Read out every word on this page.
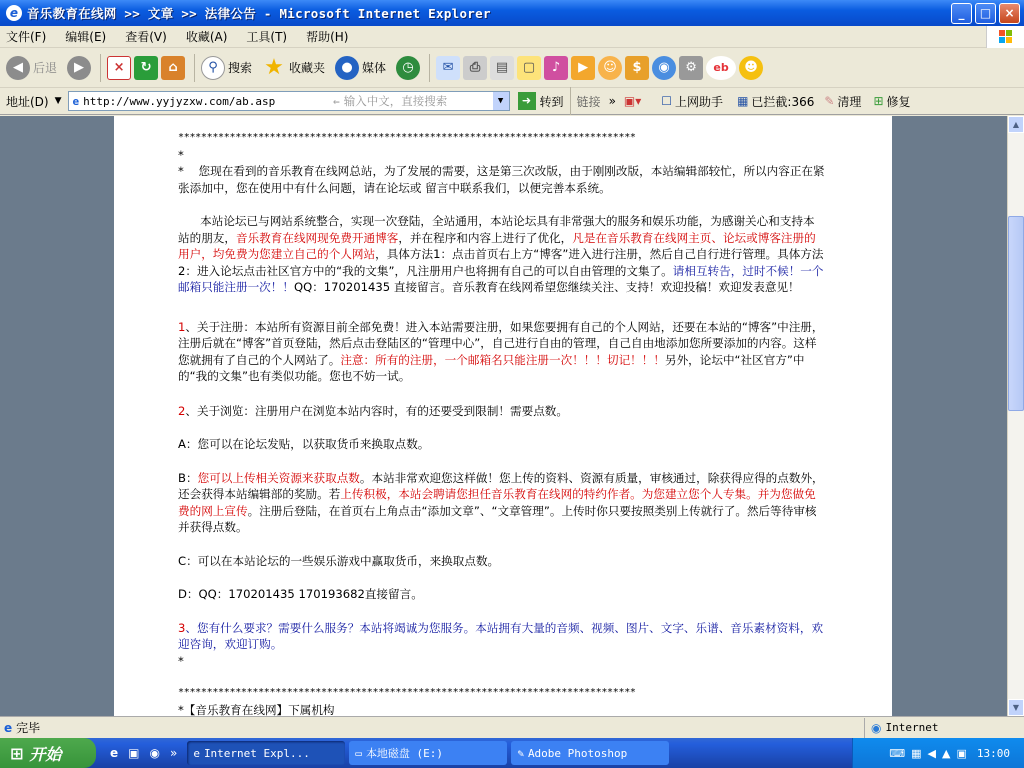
e 音乐教育在线网 >> 文章 >> 法律公告 - Microsoft Internet Explorer	_	□	×
文件(F) 编辑(E) 查看(V) 收藏(A) 工具(T) 帮助(H)
◀ 后退	▶	×	↻	⌂	⚲ 搜索 ★ 收藏夹	● 媒体	◷	✉	⎙	▤	▢	♪	▶	☺	$	◉	⚙	eb	☻
地址(D) ▼ e http://www.yyjyzxw.com/ab.asp	⇐ 输入中文，直接搜索	▼	➜ 转到 链接 » ▣▾ ☐ 上网助手 ▦ 已拦截:366 ✎ 清理 ⊞ 修复
********************************************************************************
*

*    您现在看到的音乐教育在线网总站，为了发展的需要，这是第三次改版，由于刚刚改版，本站编辑部较忙，所以内容正在紧张添加中，您在使用中有什么问题，请在论坛或 留言中联系我们，以便完善本系统。

本站论坛已与网站系统整合，实现一次登陆，全站通用，本站论坛具有非常强大的服务和娱乐功能，为感谢关心和支持本站的朋友，音乐教育在线网现免费开通博客，并在程序和内容上进行了优化，凡是在音乐教育在线网主页、论坛或博客注册的用户，均免费为您建立自己的个人网站，具体方法1：点击首页右上方“博客”进入进行注册，然后自己自行进行管理。具体方法2：进入论坛点击社区官方中的“我的文集”，凡注册用户也将拥有自己的可以自由管理的文集了。请相互转告，过时不候！一个邮箱只能注册一次！！QQ：170201435 直接留言。音乐教育在线网希望您继续关注、支持！欢迎投稿！欢迎发表意见！

1、关于注册：本站所有资源目前全部免费！进入本站需要注册，如果您要拥有自己的个人网站，还要在本站的“博客”中注册，注册后就在“博客”首页登陆，然后点击登陆区的“管理中心”，自己进行自由的管理，自己自由地添加您所要添加的内容。这样您就拥有了自己的个人网站了。注意：所有的注册，一个邮箱名只能注册一次！！！切记！！！另外，论坛中“社区官方”中的“我的文集”也有类似功能。您也不妨一试。

2、关于浏览：注册用户在浏览本站内容时，有的还要受到限制！需要点数。

A：您可以在论坛发贴，以获取货币来换取点数。

B：您可以上传相关资源来获取点数。本站非常欢迎您这样做！您上传的资料、资源有质量，审核通过，除获得应得的点数外，还会获得本站编辑部的奖励。若上传积极，本站会聘请您担任音乐教育在线网的特约作者。为您建立您个人专集。并为您做免费的网上宣传。注册后登陆，在首页右上角点击“添加文章”、“文章管理”。上传时你只要按照类别上传就行了。然后等待审核并获得点数。

C：可以在本站论坛的一些娱乐游戏中赢取货币，来换取点数。

D：QQ：170201435 170193682直接留言。

3、您有什么要求？需要什么服务？本站将竭诚为您服务。本站拥有大量的音频、视频、图片、文字、乐谱、音乐素材资料，欢迎咨询，欢迎订购。

*
********************************************************************************
*【音乐教育在线网】下属机构
▲
▼
e 完毕	◉ Internet
⊞ 开始	e ▣ ◉ » e Internet Expl...	▭ 本地磁盘 (E:)	✎ Adobe Photoshop	⌨ ▦ ◀ ▲ ▣ 13:00
